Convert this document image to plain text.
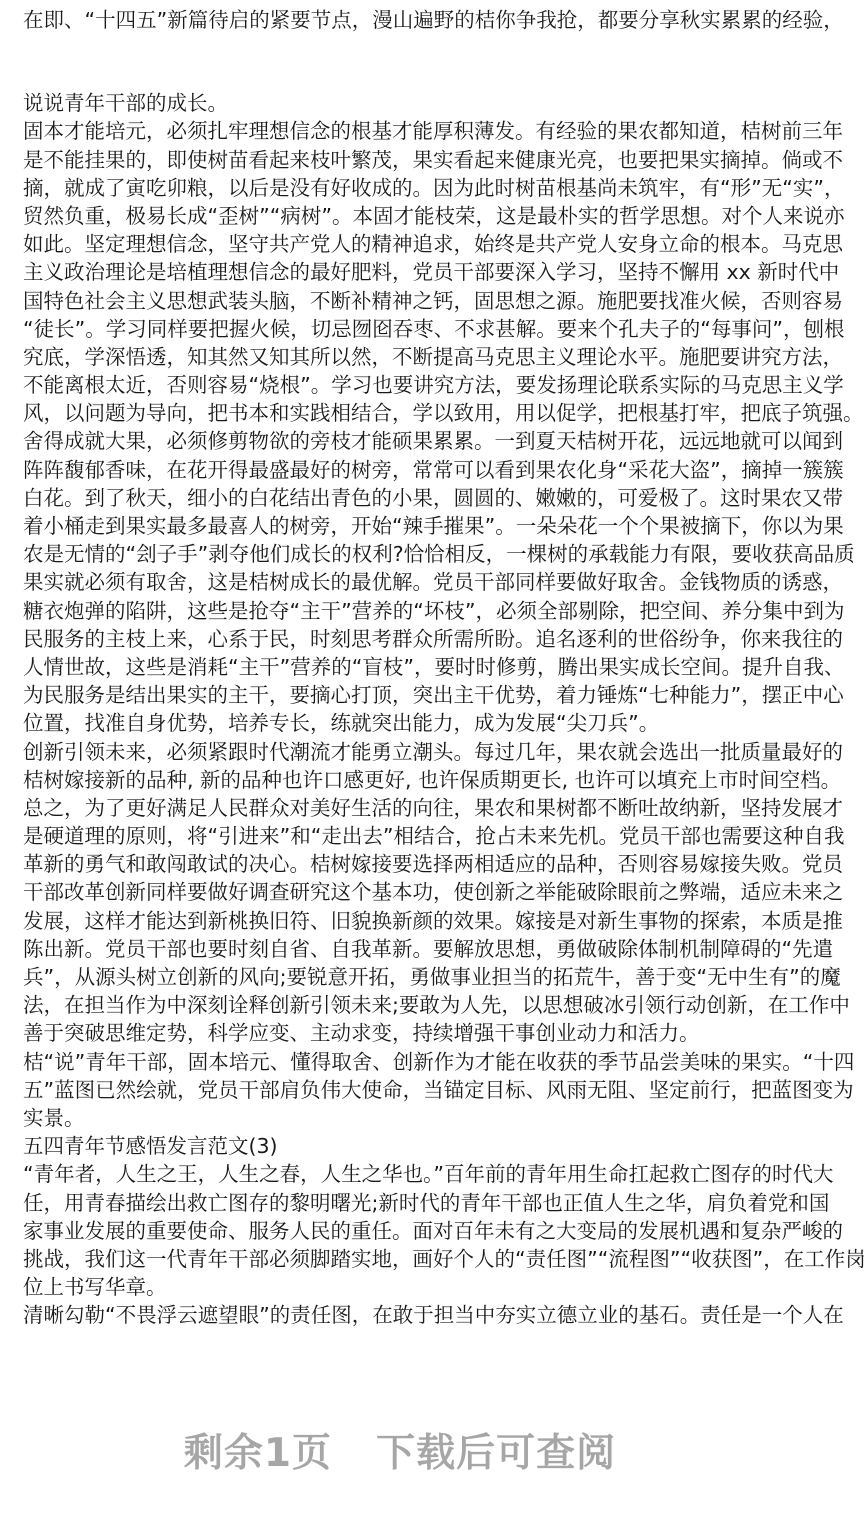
在即、“十四五”新篇待启的紧要节点，漫山遍野的桔你争我抢，都要分享秋实累累的经验，
说说青年干部的成长。
固本才能培元，必须扎牢理想信念的根基才能厚积薄发。有经验的果农都知道，桔树前三年
是不能挂果的，即使树苗看起来枝叶繁茂，果实看起来健康光亮，也要把果实摘掉。倘或不
摘，就成了寅吃卯粮，以后是没有好收成的。因为此时树苗根基尚未筑牢，有“形”无“实”，
贸然负重，极易长成“歪树”“病树”。本固才能枝荣，这是最朴实的哲学思想。对个人来说亦
如此。坚定理想信念，坚守共产党人的精神追求，始终是共产党人安身立命的根本。马克思
主义政治理论是培植理想信念的最好肥料，党员干部要深入学习，坚持不懈用 xx 新时代中
国特色社会主义思想武装头脑，不断补精神之钙，固思想之源。施肥要找准火候，否则容易
“徒长”。学习同样要把握火候，切忌囫囵吞枣、不求甚解。要来个孔夫子的“每事问”，刨根
究底，学深悟透，知其然又知其所以然，不断提高马克思主义理论水平。施肥要讲究方法，
不能离根太近，否则容易“烧根”。学习也要讲究方法，要发扬理论联系实际的马克思主义学
风，以问题为导向，把书本和实践相结合，学以致用，用以促学，把根基打牢，把底子筑强。
舍得成就大果，必须修剪物欲的旁枝才能硕果累累。一到夏天桔树开花，远远地就可以闻到
阵阵馥郁香味，在花开得最盛最好的树旁，常常可以看到果农化身“采花大盗”，摘掉一簇簇
白花。到了秋天，细小的白花结出青色的小果，圆圆的、嫩嫩的，可爱极了。这时果农又带
着小桶走到果实最多最喜人的树旁，开始“辣手摧果”。一朵朵花一个个果被摘下，你以为果
农是无情的“刽子手”剥夺他们成长的权利?恰恰相反，一棵树的承载能力有限，要收获高品质
果实就必须有取舍，这是桔树成长的最优解。党员干部同样要做好取舍。金钱物质的诱惑，
糖衣炮弹的陷阱，这些是抢夺“主干”营养的“坏枝”，必须全部剔除，把空间、养分集中到为
民服务的主枝上来，心系于民，时刻思考群众所需所盼。追名逐利的世俗纷争，你来我往的
人情世故，这些是消耗“主干”营养的“盲枝”，要时时修剪，腾出果实成长空间。提升自我、
为民服务是结出果实的主干，要摘心打顶，突出主干优势，着力锤炼“七种能力”，摆正中心
位置，找准自身优势，培养专长，练就突出能力，成为发展“尖刀兵”。
创新引领未来，必须紧跟时代潮流才能勇立潮头。每过几年，果农就会选出一批质量最好的
桔树嫁接新的品种, 新的品种也许口感更好, 也许保质期更长, 也许可以填充上市时间空档。
总之，为了更好满足人民群众对美好生活的向往，果农和果树都不断吐故纳新，坚持发展才
是硬道理的原则，将“引进来”和“走出去”相结合，抢占未来先机。党员干部也需要这种自我
革新的勇气和敢闯敢试的决心。桔树嫁接要选择两相适应的品种，否则容易嫁接失败。党员
干部改革创新同样要做好调查研究这个基本功，使创新之举能破除眼前之弊端，适应未来之
发展，这样才能达到新桃换旧符、旧貌换新颜的效果。嫁接是对新生事物的探索，本质是推
陈出新。党员干部也要时刻自省、自我革新。要解放思想，勇做破除体制机制障碍的“先遣
兵”，从源头树立创新的风向;要锐意开拓，勇做事业担当的拓荒牛，善于变“无中生有”的魔
法，在担当作为中深刻诠释创新引领未来;要敢为人先，以思想破冰引领行动创新，在工作中
善于突破思维定势，科学应变、主动求变，持续增强干事创业动力和活力。
桔“说”青年干部，固本培元、懂得取舍、创新作为才能在收获的季节品尝美味的果实。“十四
五”蓝图已然绘就，党员干部肩负伟大使命，当锚定目标、风雨无阻、坚定前行，把蓝图变为
实景。
五四青年节感悟发言范文(3)
“青年者，人生之王，人生之春，人生之华也。”百年前的青年用生命扛起救亡图存的时代大
任，用青春描绘出救亡图存的黎明曙光;新时代的青年干部也正值人生之华，肩负着党和国
家事业发展的重要使命、服务人民的重任。面对百年未有之大变局的发展机遇和复杂严峻的
挑战，我们这一代青年干部必须脚踏实地，画好个人的“责任图”“流程图”“收获图”，在工作岗
位上书写华章。
清晰勾勒“不畏浮云遮望眼”的责任图，在敢于担当中夯实立德立业的基石。责任是一个人在
剩余1页 下载后可查阅
